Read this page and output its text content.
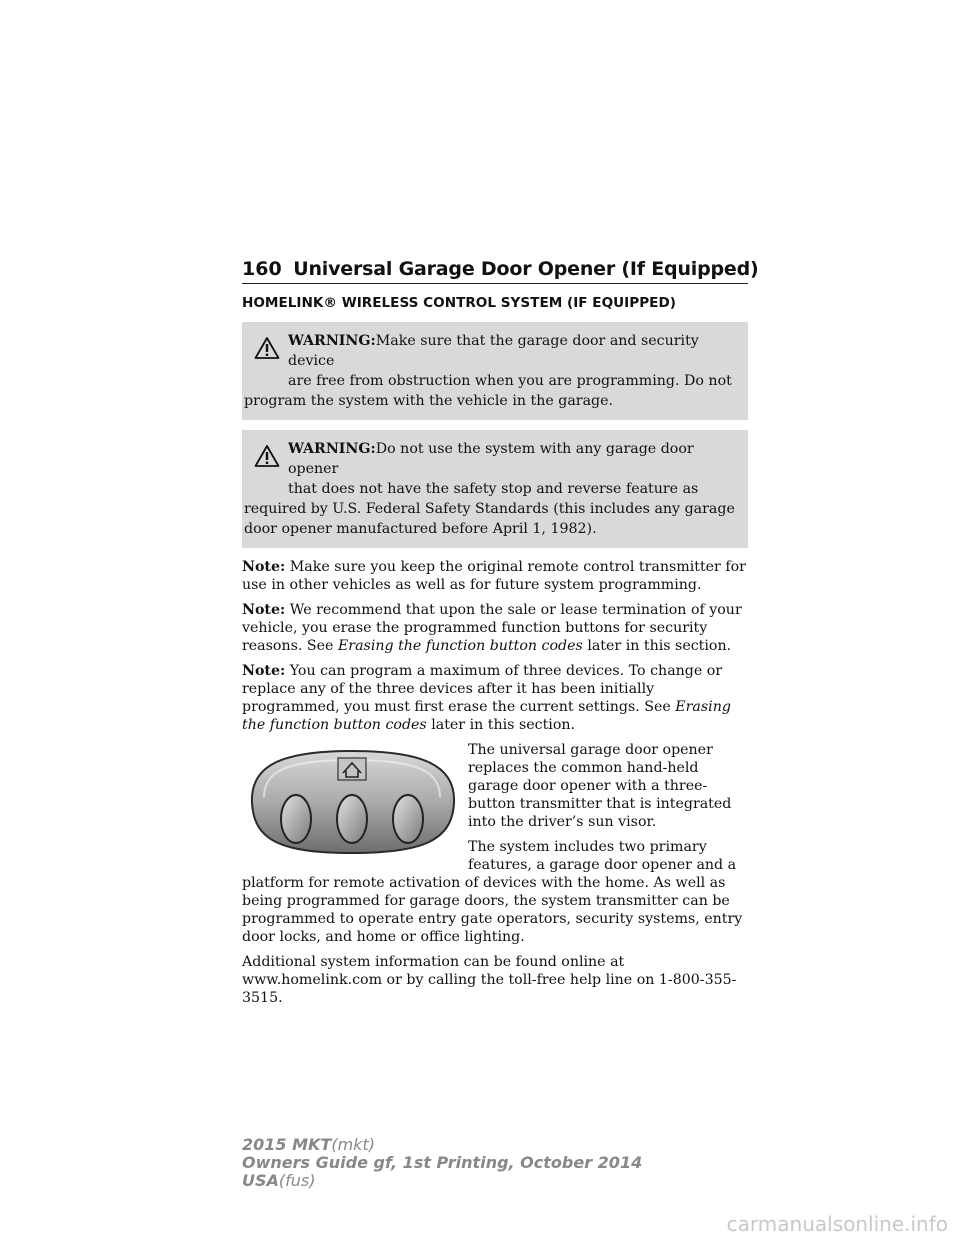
160 Universal Garage Door Opener (If Equipped)
HOMELINK® WIRELESS CONTROL SYSTEM (IF EQUIPPED)
WARNING:Make sure that the garage door and security device
are free from obstruction when you are programming. Do not
program the system with the vehicle in the garage.
WARNING:Do not use the system with any garage door opener
that does not have the safety stop and reverse feature as
required by U.S. Federal Safety Standards (this includes any garage door opener manufactured before April 1, 1982).

Note: Make sure you keep the original remote control transmitter for use in other vehicles as well as for future system programming.

Note: We recommend that upon the sale or lease termination of your vehicle, you erase the programmed function buttons for security reasons. See Erasing the function button codes later in this section.

Note: You can program a maximum of three devices. To change or replace any of the three devices after it has been initially programmed, you must first erase the current settings. See Erasing the function button codes later in this section.

The universal garage door opener replaces the common hand-held garage door opener with a three-button transmitter that is integrated into the driver’s sun visor.

The system includes two primary features, a garage door opener and a platform for remote activation of devices with the home. As well as being programmed for garage doors, the system transmitter can be programmed to operate entry gate operators, security systems, entry door locks, and home or office lighting.

Additional system information can be found online at www.homelink.com or by calling the toll-free help line on 1-800-355-3515.

2015 MKT(mkt)
Owners Guide gf, 1st Printing, October 2014
USA(fus)
carmanualsonline.info
